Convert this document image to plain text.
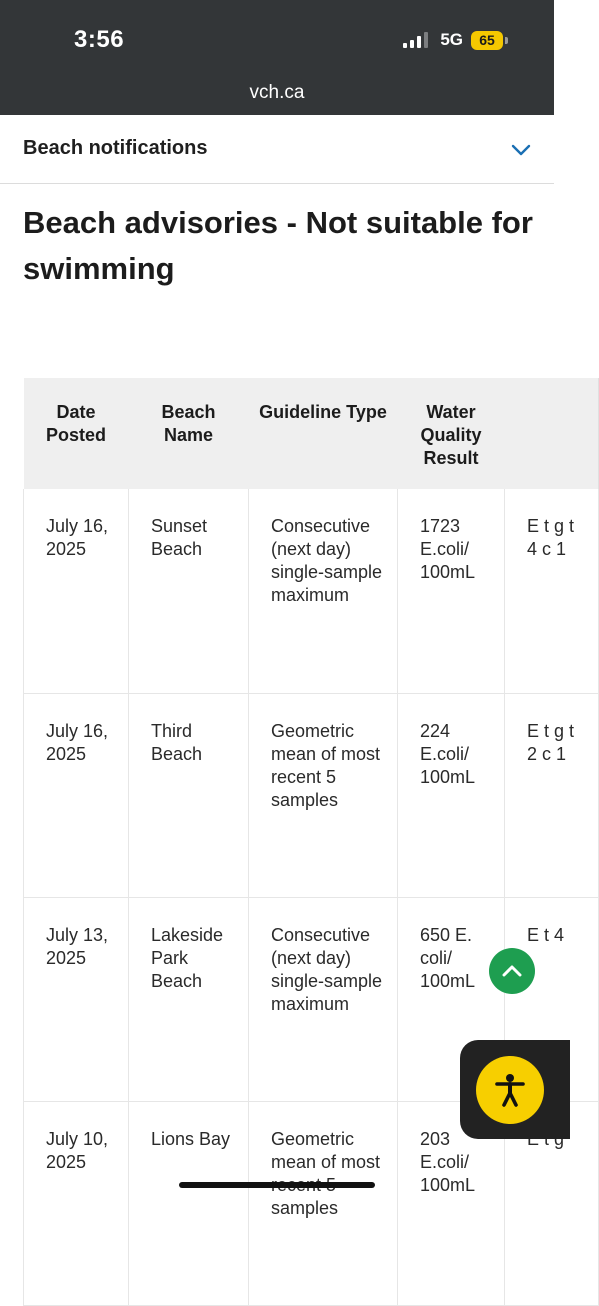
3:56	5G	65
vch.ca
Beach notifications
Beach advisories - Not suitable for swimming
Date Posted	Beach Name	Guideline Type	Water Quality Result	
July 16, 2025	Sunset Beach	Consecutive (next day) single-sample maximum	1723 E.coli/ 100mL	E t g t 4 c 1
July 16, 2025	Third Beach	Geometric mean of most recent 5 samples	224 E.coli/ 100mL	E t g t 2 c 1
July 13, 2025	Lakeside Park Beach	Consecutive (next day) single-sample maximum	650 E. coli/ 100mL	E t 4
July 10, 2025	Lions Bay	Geometric mean of most samples	203 E.coli/ 100mL	
